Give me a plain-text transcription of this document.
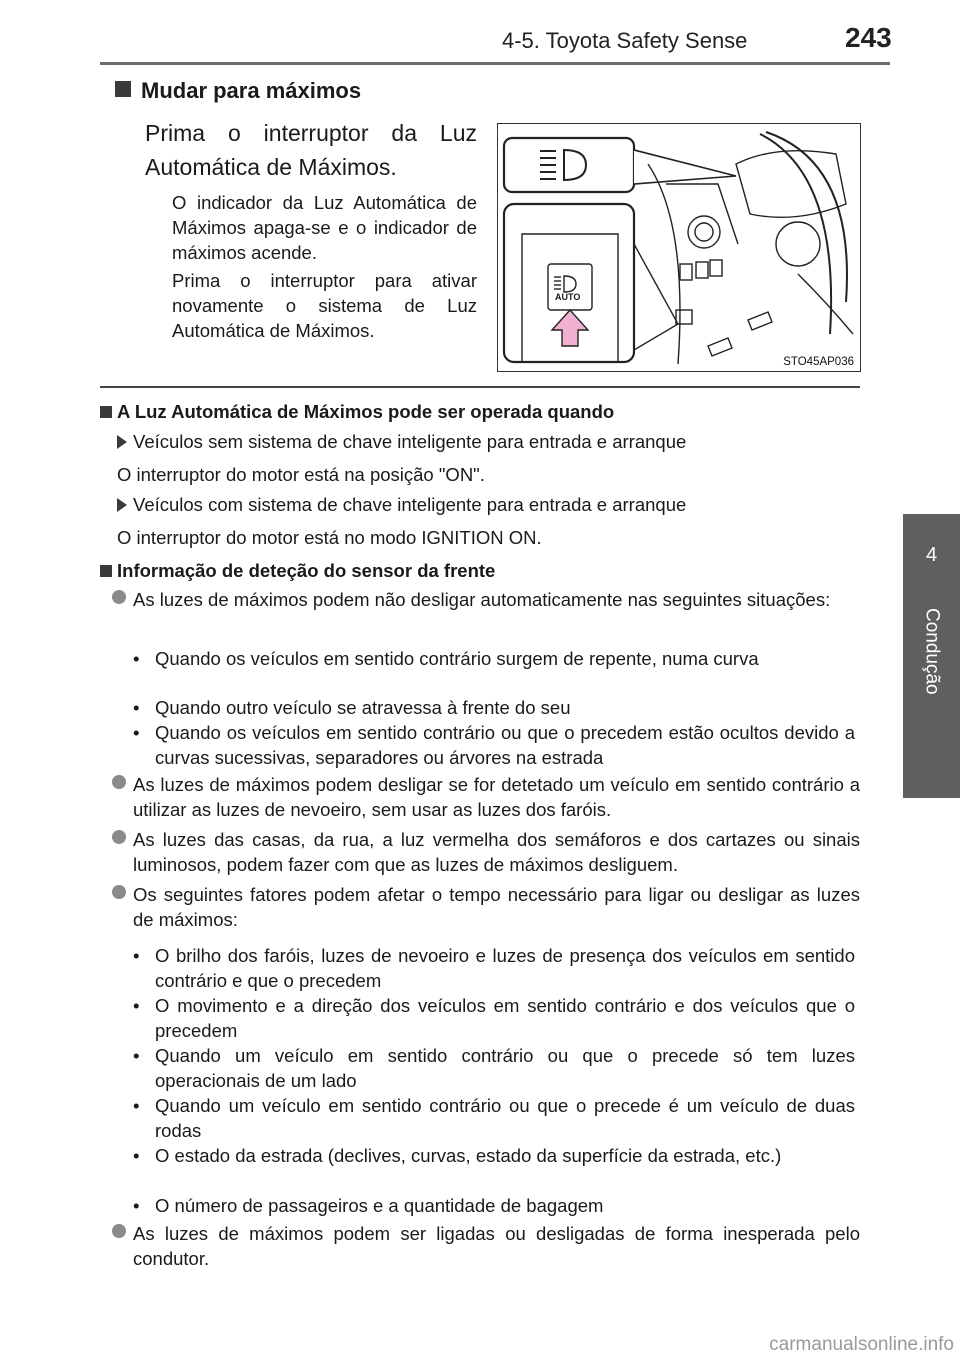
4-5. Toyota Safety Sense	243
4
Condução
Mudar para máximos
Prima o interruptor da Luz Automática de Máximos.
O indicador da Luz Automática de Máximos apaga-se e o indicador de máximos acende.
Prima o interruptor para ativar novamente o sistema de Luz Automática de Máximos.
AUTO
STO45AP036
A Luz Automática de Máximos pode ser operada quando
Veículos sem sistema de chave inteligente para entrada e arranque
O interruptor do motor está na posição "ON".
Veículos com sistema de chave inteligente para entrada e arranque
O interruptor do motor está no modo IGNITION ON.
Informação de deteção do sensor da frente
As luzes de máximos podem não desligar automaticamente nas seguintes situações:
• Quando os veículos em sentido contrário surgem de repente, numa curva
• Quando outro veículo se atravessa à frente do seu
• Quando os veículos em sentido contrário ou que o precedem estão ocultos devido a curvas sucessivas, separadores ou árvores na estrada
As luzes de máximos podem desligar se for detetado um veículo em sentido contrário a utilizar as luzes de nevoeiro, sem usar as luzes dos faróis.
As luzes das casas, da rua, a luz vermelha dos semáforos e dos cartazes ou sinais luminosos, podem fazer com que as luzes de máximos desliguem.
Os seguintes fatores podem afetar o tempo necessário para ligar ou desligar as luzes de máximos:
• O brilho dos faróis, luzes de nevoeiro e luzes de presença dos veículos em sentido contrário e que o precedem
• O movimento e a direção dos veículos em sentido contrário e dos veículos que o precedem
• Quando um veículo em sentido contrário ou que o precede só tem luzes operacionais de um lado
• Quando um veículo em sentido contrário ou que o precede é um veículo de duas rodas
• O estado da estrada (declives, curvas, estado da superfície da estrada, etc.)
• O número de passageiros e a quantidade de bagagem
As luzes de máximos podem ser ligadas ou desligadas de forma inesperada pelo condutor.
carmanualsonline.info
